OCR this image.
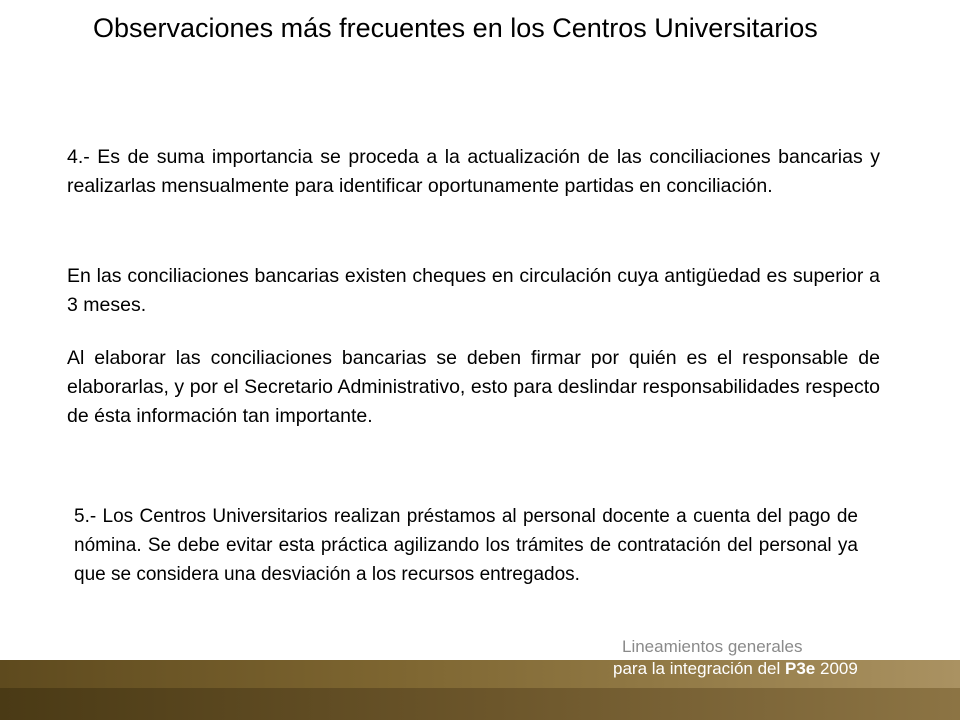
Observaciones más frecuentes en los Centros Universitarios

4.- Es de suma importancia se proceda a la actualización de las conciliaciones bancarias y realizarlas mensualmente para identificar oportunamente partidas en conciliación.

En las conciliaciones bancarias existen cheques en circulación cuya antigüedad es superior a 3 meses.

Al elaborar las conciliaciones bancarias se deben firmar por quién es el responsable de elaborarlas, y por el Secretario Administrativo, esto para deslindar responsabilidades respecto de ésta información tan importante.

5.- Los Centros Universitarios realizan préstamos al personal docente a cuenta del pago de nómina. Se debe evitar esta práctica agilizando los trámites de contratación del personal ya que se considera una desviación a los recursos entregados.

Lineamientos generales
para la integración del P3e 2009
